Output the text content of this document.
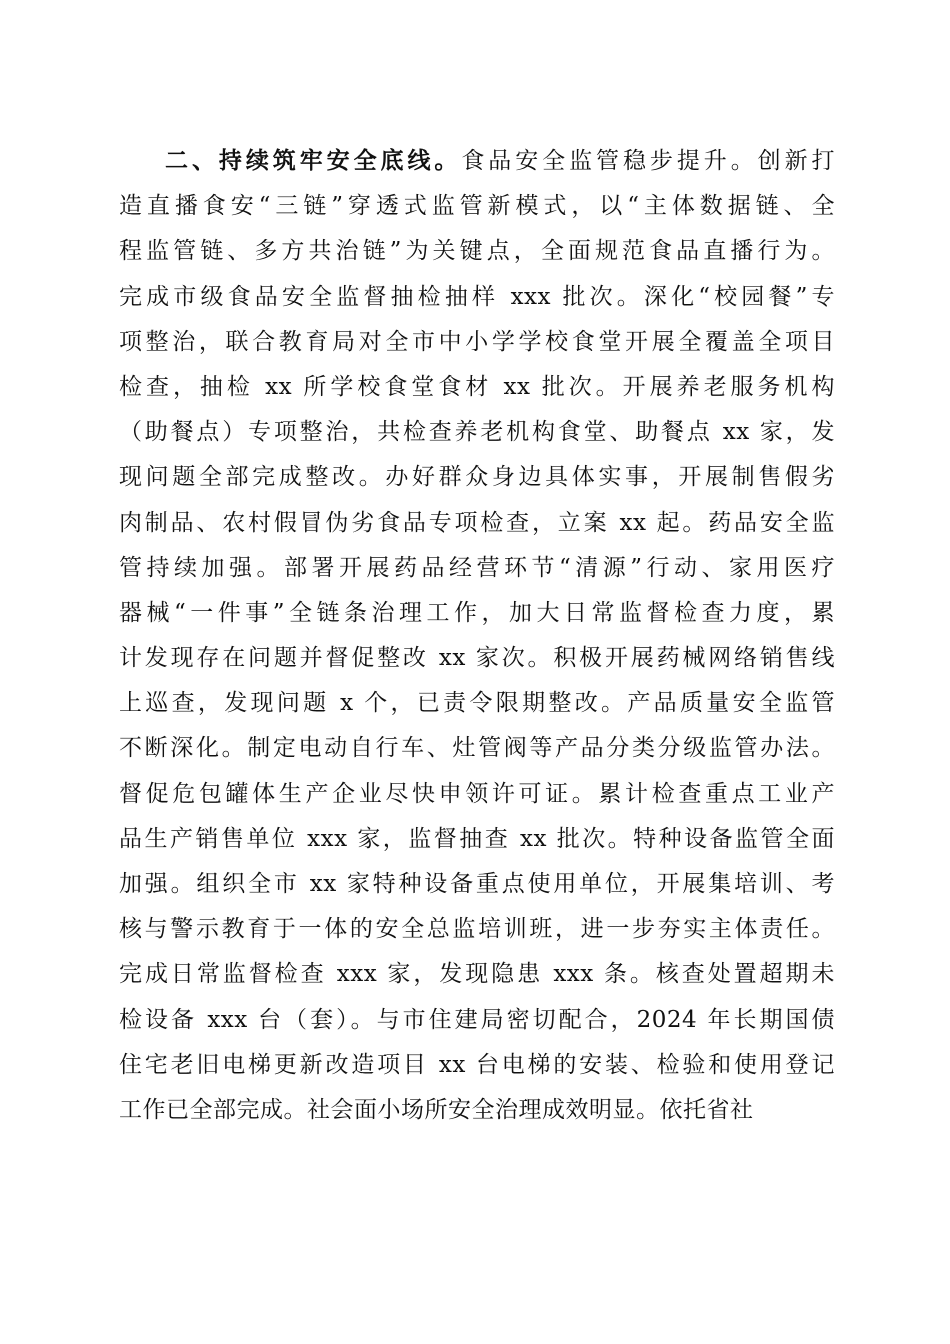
二、持续筑牢安全底线。食品安全监管稳步提升。创新打
造直播食安“三链”穿透式监管新模式，以“主体数据链、全
程监管链、多方共治链”为关键点，全面规范食品直播行为。
完成市级食品安全监督抽检抽样 xxx 批次。深化“校园餐”专
项整治，联合教育局对全市中小学学校食堂开展全覆盖全项目
检查，抽检 xx 所学校食堂食材 xx 批次。开展养老服务机构
（助餐点）专项整治，共检查养老机构食堂、助餐点 xx 家，发
现问题全部完成整改。办好群众身边具体实事，开展制售假劣
肉制品、农村假冒伪劣食品专项检查，立案 xx 起。药品安全监
管持续加强。部署开展药品经营环节“清源”行动、家用医疗
器械“一件事”全链条治理工作，加大日常监督检查力度，累
计发现存在问题并督促整改 xx 家次。积极开展药械网络销售线
上巡查，发现问题 x 个，已责令限期整改。产品质量安全监管
不断深化。制定电动自行车、灶管阀等产品分类分级监管办法。
督促危包罐体生产企业尽快申领许可证。累计检查重点工业产
品生产销售单位 xxx 家，监督抽查 xx 批次。特种设备监管全面
加强。组织全市 xx 家特种设备重点使用单位，开展集培训、考
核与警示教育于一体的安全总监培训班，进一步夯实主体责任。
完成日常监督检查 xxx 家，发现隐患 xxx 条。核查处置超期未
检设备 xxx 台（套）。与市住建局密切配合，2024 年长期国债
住宅老旧电梯更新改造项目 xx 台电梯的安装、检验和使用登记
工作已全部完成。社会面小场所安全治理成效明显。依托省社
